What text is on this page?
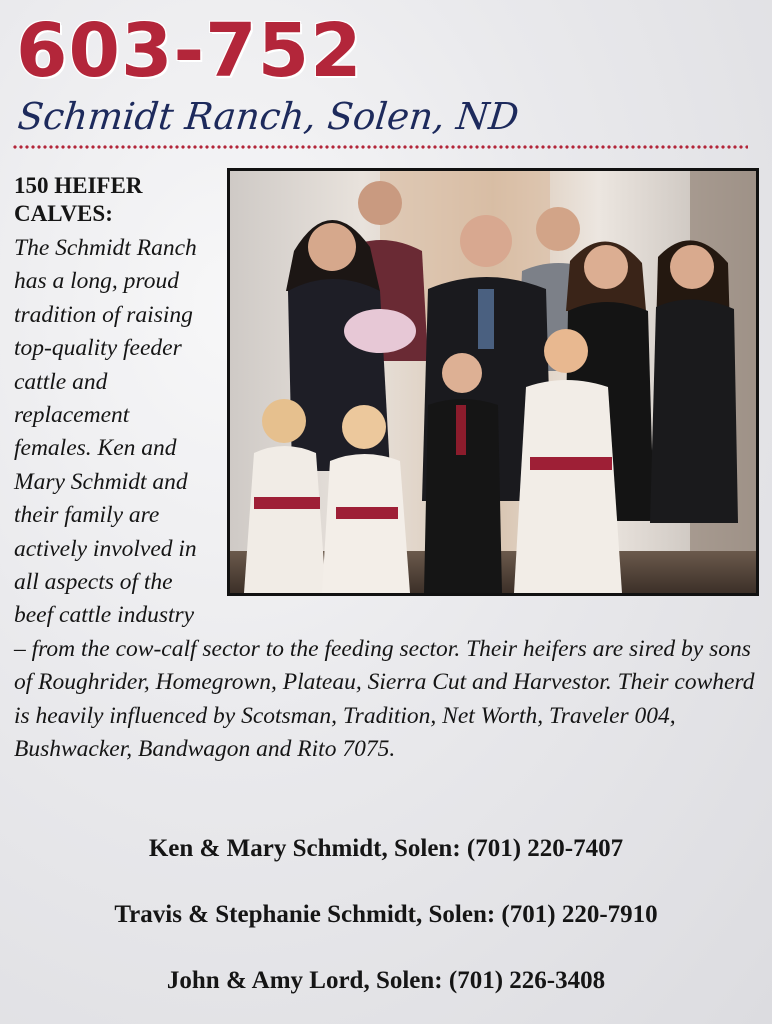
603-752
Schmidt Ranch, Solen, ND
150 HEIFER
CALVES:
The Schmidt Ranch has a long, proud tradition of raising top-quality feeder cattle and replacement females. Ken and Mary Schmidt and their family are actively involved in all aspects of the beef cattle industry – from the cow-calf sector to the feeding sector. Their heifers are sired by sons of Roughrider, Homegrown, Plateau, Sierra Cut and Harvestor. Their cowherd is heavily influenced by Scotsman, Tradition, Net Worth, Traveler 004, Bushwacker, Bandwagon and Rito 7075.
Ken & Mary Schmidt, Solen: (701) 220-7407
Travis & Stephanie Schmidt, Solen: (701) 220-7910
John & Amy Lord, Solen: (701) 226-3408
